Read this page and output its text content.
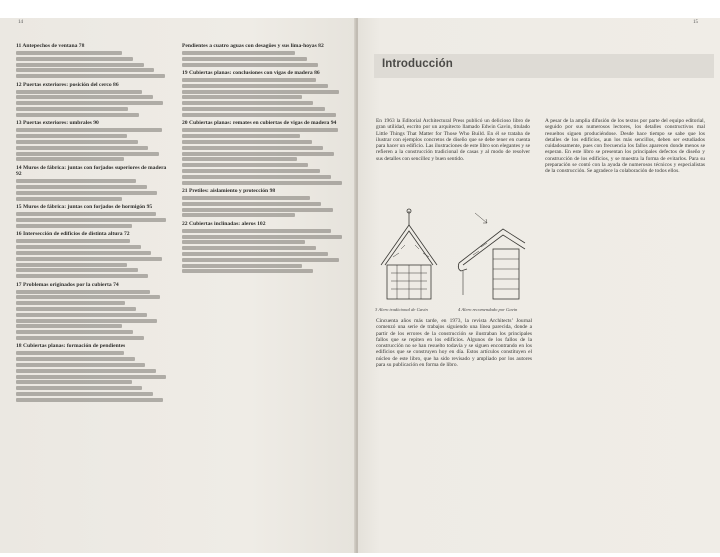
14
11 Antepechos de ventana 78
12 Puertas exteriores: posición del cerco 86
13 Puertas exteriores: umbrales 90
14 Muros de fábrica: juntas con forjados superiores de madera 92
15 Muros de fábrica: juntas con forjados de hormigón 95
16 Intersección de edificios de distinta altura 72
17 Problemas originados por la cubierta 74
18 Cubiertas planas: formación de pendientes
Pendientes a cuatro aguas con desagües y sus lima-hoyas 82
19 Cubiertas planas: conclusiones con vigas de madera 86
20 Cubiertas planas: remates en cubiertas de vigas de madera 94
21 Pretiles: aislamiento y protección 98
22 Cubiertas inclinadas: aleros 102
15
Introducción
En 1963 la Editorial Architectural Press publicó un delicioso libro de gran utilidad, escrito por un arquitecto llamado Edwin Gavin, titulado Little Things That Matter for Those Who Build. En él se trataba de ilustrar con ejemplos concretos de diseño que se debe tener en cuenta para hacer un edificio. Las ilustraciones de este libro son elegantes y se refieren a la construcción tradicional de casas y al modo de resolver sus detalles con sencillez y buen sentido.
3 Alero tradicional de Gavin	4 Alero recomendado por Gavin
Cincuenta años más tarde, en 1973, la revista Architects’ Journal comenzó una serie de trabajos siguiendo una línea parecida, donde a partir de los errores de la construcción se ilustraban los principales fallos que se repiten en los edificios. Algunos de los fallos de la construcción no se han resuelto todavía y se siguen encontrando en los edificios que se construyen hoy en día. Estos artículos constituyen el núcleo de este libro, que ha sido revisado y ampliado por los autores para su publicación en forma de libro.
A pesar de la amplia difusión de los textos por parte del equipo editorial, seguido por sus numerosos lectores, los detalles constructivos mal resueltos siguen produciéndose. Desde hace tiempo se sabe que los detalles de los edificios, aun los más sencillos, deben ser estudiados cuidadosamente, pues con frecuencia los fallos aparecen donde menos se esperan. En este libro se presentan los principales defectos de diseño y construcción de los edificios, y se muestra la forma de evitarlos. Para su preparación se contó con la ayuda de numerosos técnicos y especialistas de la construcción. Se agradece la colaboración de todos ellos.
